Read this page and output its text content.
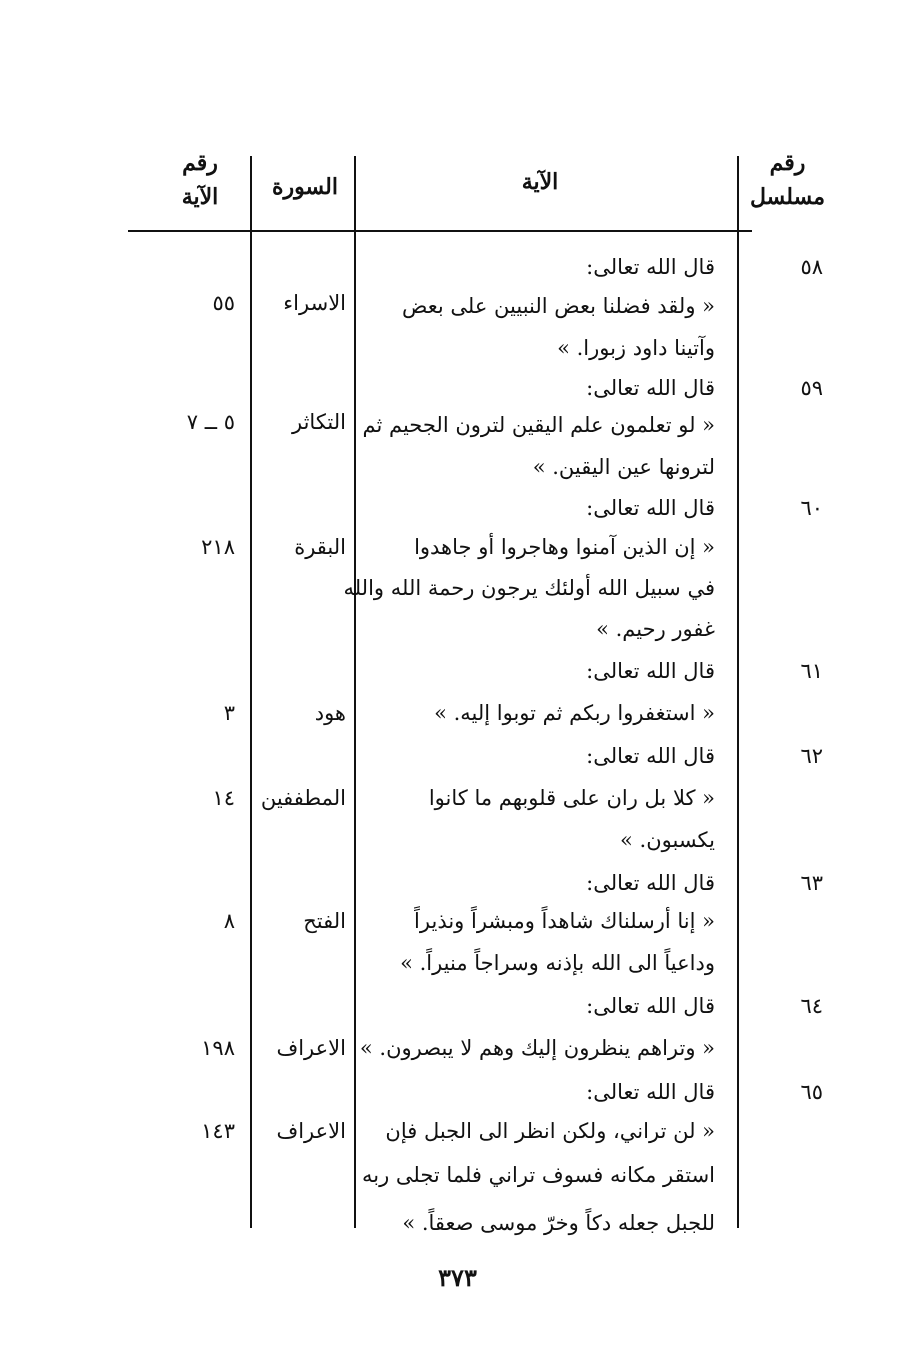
رقم
مسلسل
الآية
السورة
رقم
الآية
٥٨
قال الله تعالى:
« ولقد فضلنا بعض النبيين على بعض
وآتينا داود زبورا. »
الاسراء
٥٥
٥٩
قال الله تعالى:
« لو تعلمون علم اليقين لترون الجحيم ثم
لترونها عين اليقين. »
التكاثر
٥ ــ ٧
٦٠
قال الله تعالى:
« إن الذين آمنوا وهاجروا أو جاهدوا
في سبيل الله أولئك يرجون رحمة الله والله
غفور رحيم. »
البقرة
٢١٨
٦١
قال الله تعالى:
« استغفروا ربكم ثم توبوا إليه. »
هود
٣
٦٢
قال الله تعالى:
« كلا بل ران على قلوبهم ما كانوا
يكسبون. »
المطففين
١٤
٦٣
قال الله تعالى:
« إنا أرسلناك شاهداً ومبشراً ونذيراً
وداعياً الى الله بإذنه وسراجاً منيراً. »
الفتح
٨
٦٤
قال الله تعالى:
« وتراهم ينظرون إليك وهم لا يبصرون. »
الاعراف
١٩٨
٦٥
قال الله تعالى:
« لن تراني، ولكن انظر الى الجبل فإن
استقر مكانه فسوف تراني فلما تجلى ربه
للجبل جعله دكاً وخرّ موسى صعقاً. »
الاعراف
١٤٣
٣٧٣
